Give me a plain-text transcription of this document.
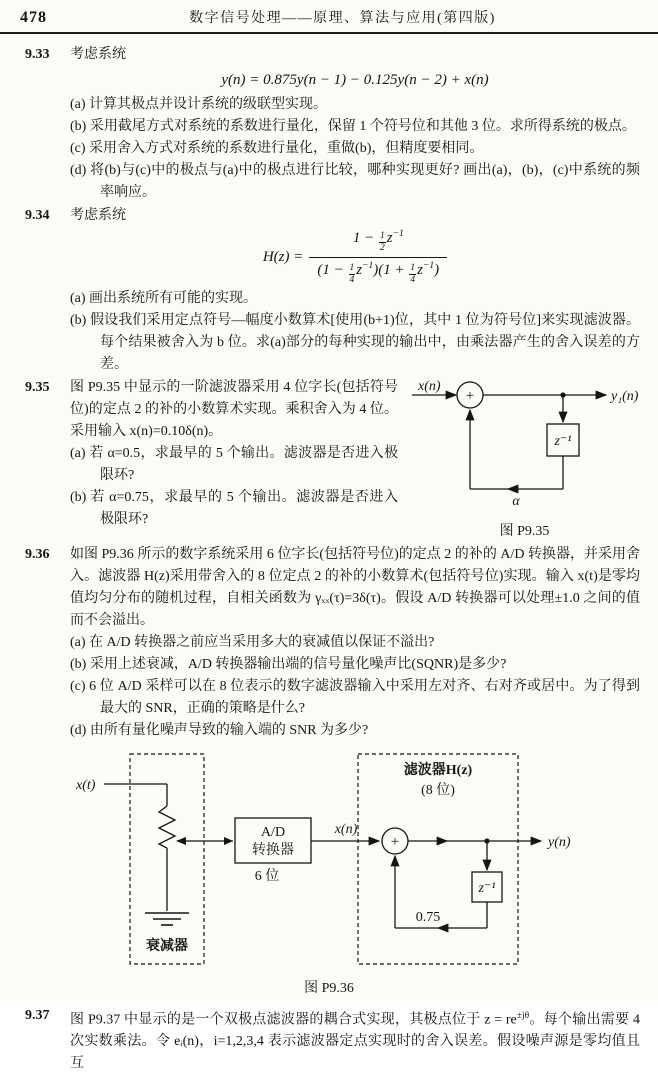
478	数字信号处理——原理、算法与应用(第四版)
9.33	考虑系统
y(n) = 0.875y(n − 1) − 0.125y(n − 2) + x(n)
(a) 计算其极点并设计系统的级联型实现。
(b) 采用截尾方式对系统的系数进行量化，保留 1 个符号位和其他 3 位。求所得系统的极点。
(c) 采用舍入方式对系统的系数进行量化，重做(b)，但精度要相同。
(d) 将(b)与(c)中的极点与(a)中的极点进行比较，哪种实现更好? 画出(a)，(b)，(c)中系统的频率响应。
9.34	考虑系统
$H(z) = \frac{1 - \frac{1}{2} z^{-1}}{(1 - \frac{1}{4} z^{-1})(1 + \frac{1}{4} z^{-1})}$
(a) 画出系统所有可能的实现。
(b) 假设我们采用定点符号—幅度小数算术[使用(b+1)位，其中 1 位为符号位]来实现滤波器。每个结果被舍入为 b 位。求(a)部分的每种实现的输出中，由乘法器产生的舍入误差的方差。
9.35	图 P9.35 中显示的一阶滤波器采用 4 位字长(包括符号位)的定点 2 的补的小数算术实现。乘积舍入为 4 位。采用输入 x(n)=0.10δ(n)。
(a) 若 α=0.5，求最早的 5 个输出。滤波器是否进入极限环?
(b) 若 α=0.75，求最早的 5 个输出。滤波器是否进入极限环?
x(n)
+	y₁(n)
z⁻¹
α
图 P9.35
9.36	如图 P9.36 所示的数字系统采用 6 位字长(包括符号位)的定点 2 的补的 A/D 转换器，并采用舍入。滤波器 H(z)采用带舍入的 8 位定点 2 的补的小数算术(包括符号位)实现。输入 x(t)是零均值均匀分布的随机过程，自相关函数为 γₓₓ(τ)=3δ(τ)。假设 A/D 转换器可以处理±1.0 之间的值而不会溢出。
(a) 在 A/D 转换器之前应当采用多大的衰减值以保证不溢出?
(b) 采用上述衰减，A/D 转换器输出端的信号量化噪声比(SQNR)是多少?
(c) 6 位 A/D 采样可以在 8 位表示的数字滤波器输入中采用左对齐、右对齐或居中。为了得到最大的 SNR，正确的策略是什么?
(d) 由所有量化噪声导致的输入端的 SNR 为多少?
x(t)
衰减器
A/D
转换器
6 位
x(n)
滤波器H(z)
(8 位)
+	y(n)
z⁻¹
0.75
图 P9.36
9.37	图 P9.37 中显示的是一个双极点滤波器的耦合式实现，其极点位于 $z = re^{\pm j\theta}$。每个输出需要 4 次实数乘法。令 eᵢ(n)，i=1,2,3,4 表示滤波器定点实现时的舍入误差。假设噪声源是零均值且互
